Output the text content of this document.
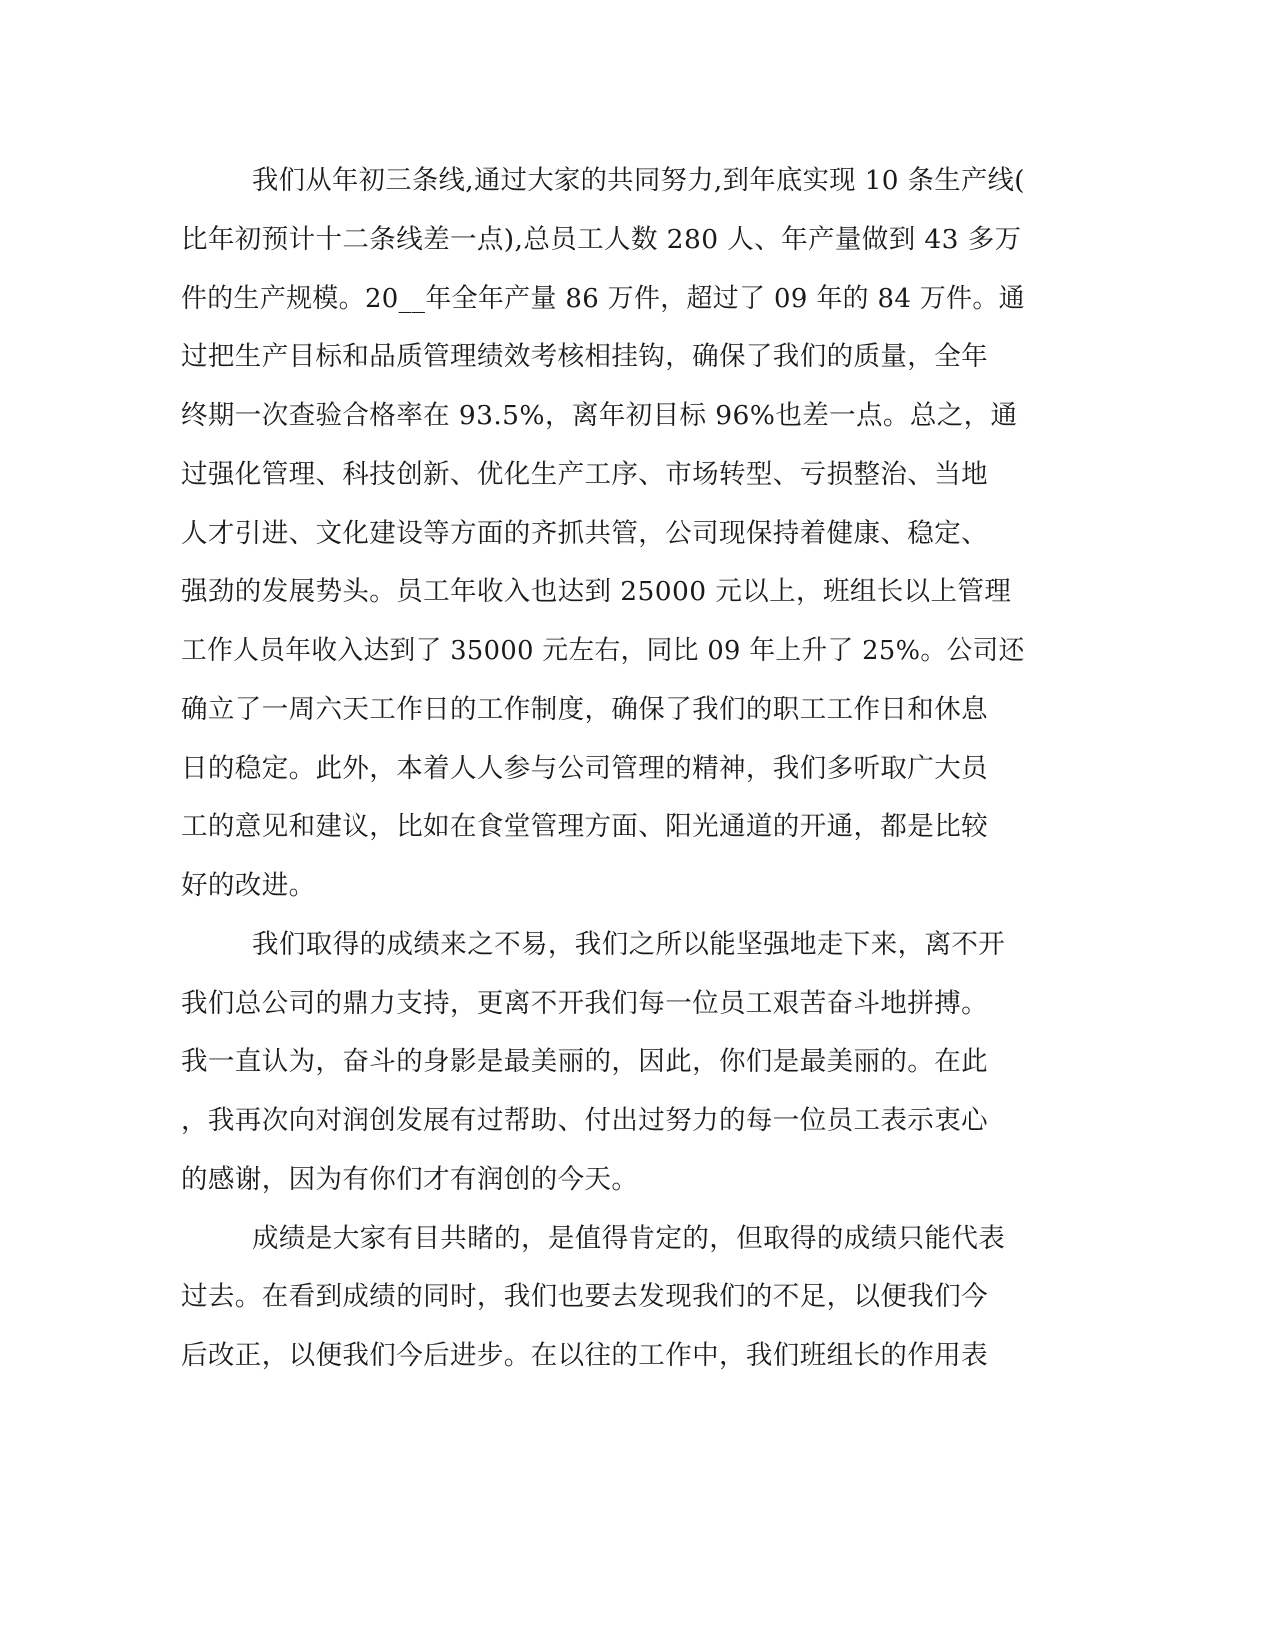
我们从年初三条线,通过大家的共同努力,到年底实现 10 条生产线(

比年初预计十二条线差一点),总员工人数 280 人、年产量做到 43 多万

件的生产规模。20__年全年产量 86 万件，超过了 09 年的 84 万件。通

过把生产目标和品质管理绩效考核相挂钩，确保了我们的质量，全年

终期一次查验合格率在 93.5%，离年初目标 96%也差一点。总之，通

过强化管理、科技创新、优化生产工序、市场转型、亏损整治、当地

人才引进、文化建设等方面的齐抓共管，公司现保持着健康、稳定、

强劲的发展势头。员工年收入也达到 25000 元以上，班组长以上管理

工作人员年收入达到了 35000 元左右，同比 09 年上升了 25%。公司还

确立了一周六天工作日的工作制度，确保了我们的职工工作日和休息

日的稳定。此外，本着人人参与公司管理的精神，我们多听取广大员

工的意见和建议，比如在食堂管理方面、阳光通道的开通，都是比较

好的改进。

我们取得的成绩来之不易，我们之所以能坚强地走下来，离不开

我们总公司的鼎力支持，更离不开我们每一位员工艰苦奋斗地拼搏。

我一直认为，奋斗的身影是最美丽的，因此，你们是最美丽的。在此

，我再次向对润创发展有过帮助、付出过努力的每一位员工表示衷心

的感谢，因为有你们才有润创的今天。

成绩是大家有目共睹的，是值得肯定的，但取得的成绩只能代表

过去。在看到成绩的同时，我们也要去发现我们的不足，以便我们今

后改正，以便我们今后进步。在以往的工作中，我们班组长的作用表
